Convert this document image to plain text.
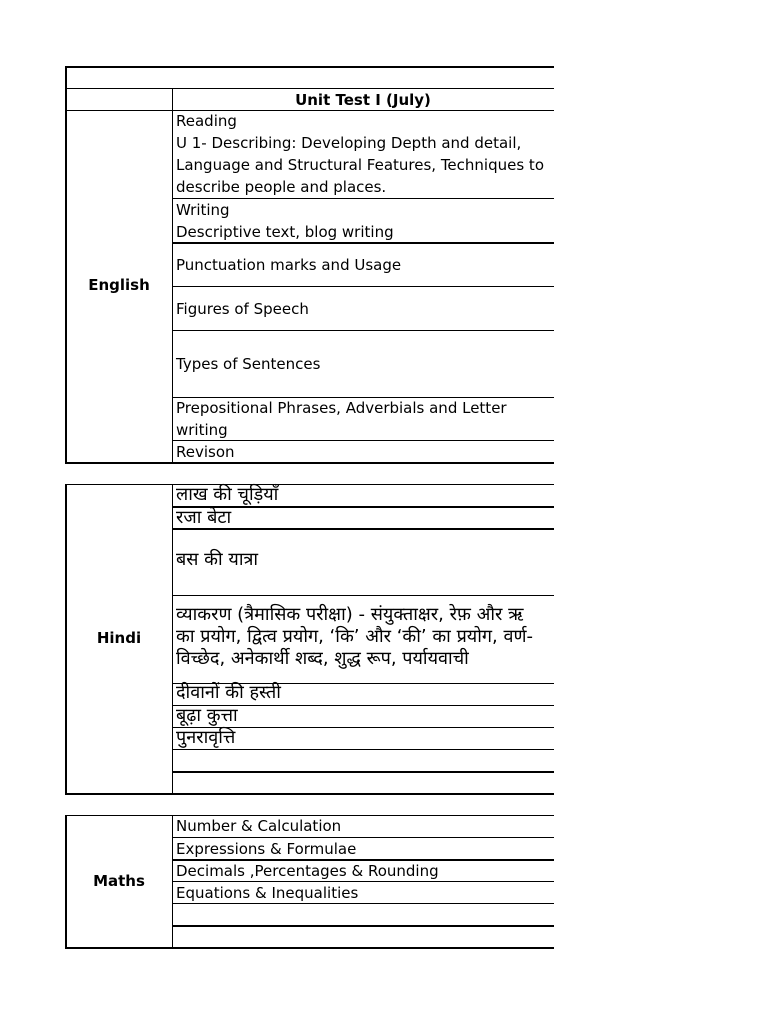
Unit Test I (July)
English
Reading
U 1- Describing: Developing Depth and detail,
Language and Structural Features, Techniques to
describe people and places.
Writing
Descriptive text, blog writing
Punctuation marks and Usage
Figures of Speech
Types of Sentences
Prepositional Phrases, Adverbials and Letter
writing
Revison
Hindi
लाख की चूड़ियाँ
रजा बेटा
बस की यात्रा
व्याकरण (त्रैमासिक परीक्षा) - संयुक्ताक्षर, रेफ़ और ऋ
का प्रयोग, द्वित्व प्रयोग, ‘कि’ और ‘की’ का प्रयोग, वर्ण-
विच्छेद, अनेकार्थी शब्द, शुद्ध रूप, पर्यायवाची
दीवानों की हस्ती
बूढ़ा कुत्ता
पुनरावृत्ति
Maths
Number & Calculation
Expressions & Formulae
Decimals ,Percentages & Rounding
Equations & Inequalities
